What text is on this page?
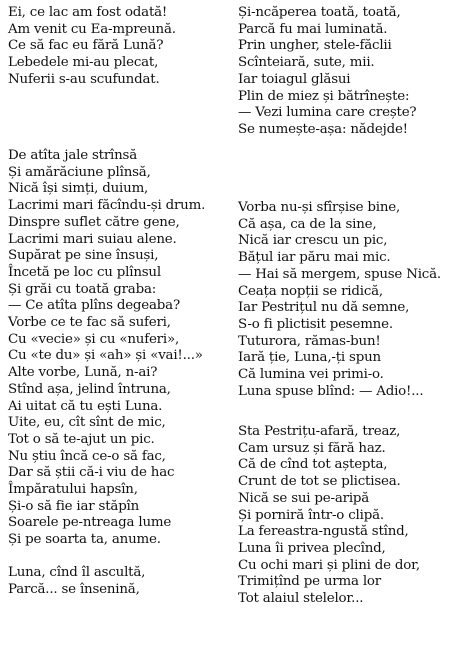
Ei, ce lac am fost odată!
Am venit cu Ea-mpreună.
Ce să fac eu fără Lună?
Lebedele mi-au plecat,
Nuferii s-au scufundat.
De atîta jale strînsă
Și amărăciune plînsă,
Nică își simți, duium,
Lacrimi mari făcîndu-și drum.
Dinspre suflet către gene,
Lacrimi mari suiau alene.
Supărat pe sine însuși,
Încetă pe loc cu plînsul
Și grăi cu toată graba:
— Ce atîta plîns degeaba?
Vorbe ce te fac să suferi,
Cu «vecie» și cu «nuferi»,
Cu «te du» și «ah» și «vai!...»
Alte vorbe, Lună, n-ai?
Stînd așa, jelind întruna,
Ai uitat că tu ești Luna.
Uite, eu, cît sînt de mic,
Tot o să te-ajut un pic.
Nu știu încă ce-o să fac,
Dar să știi că-i viu de hac
Împăratului hapsîn,
Și-o să fie iar stăpîn
Soarele pe-ntreaga lume
Și pe soarta ta, anume.
Luna, cînd îl ascultă,
Parcă... se însenină,
Și-ncăperea toată, toată,
Parcă fu mai luminată.
Prin ungher, stele-făclii
Scînteiară, sute, mii.
Iar toiagul glăsui
Plin de miez și bătrînește:
— Vezi lumina care crește?
Se numește-așa: nădejde!
Vorba nu-și sfîrșise bine,
Că așa, ca de la sine,
Nică iar crescu un pic,
Bățul iar păru mai mic.
— Hai să mergem, spuse Nică.
Ceața nopții se ridică,
Iar Pestrițul nu dă semne,
S-o fi plictisit pesemne.
Tuturora, rămas-bun!
Iară ție, Luna,-ți spun
Că lumina vei primi-o.
Luna spuse blînd: — Adio!...
Sta Pestrițu-afară, treaz,
Cam ursuz și fără haz.
Că de cînd tot aștepta,
Crunt de tot se plictisea.
Nică se sui pe-aripă
Și porniră într-o clipă.
La fereastra-ngustă stînd,
Luna îi privea plecînd,
Cu ochi mari și plini de dor,
Trimițînd pe urma lor
Tot alaiul stelelor...
